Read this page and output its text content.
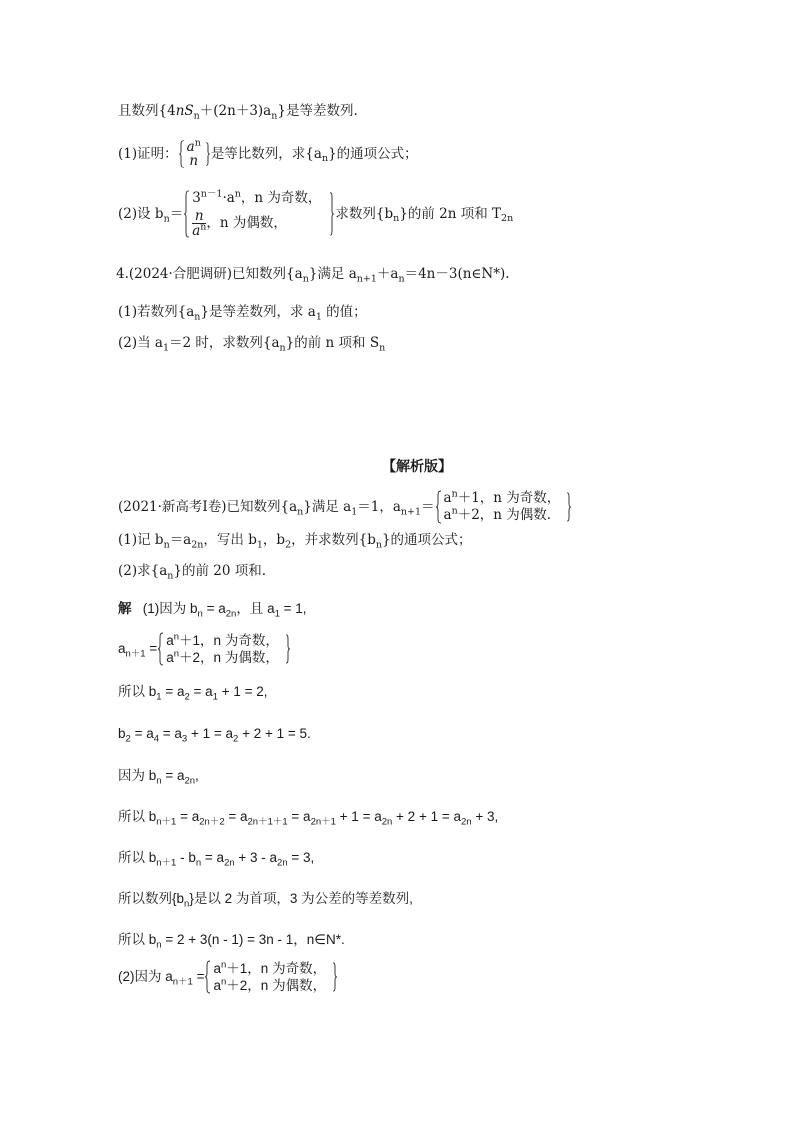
且数列$\{4nS_n+(2n+3)a_n\}$是等差数列.
(1)证明： $a^n$
n 是等比数列，求$\{a_n\}$的通项公式；
(2)设 $b_n=$
$3^{n-1}\cdot a^n$，n 为奇数，
$\frac{n}{a^n}$ ，n 为偶数，
求数列$\{b_n\}$的前 2n 项和 $T_{2n}$
4.(2024·合肥调研)已知数列$\{a_n\}$满足 $a_{n+1}+a_n=4n-3(n\in N*)$.
(1)若数列$\{a_n\}$是等差数列，求 $a_1$ 的值；
(2)当 $a_1=2$ 时，求数列$\{a_n\}$的前 n 项和 $S_n$
【解析版】
(2021·新高考Ⅰ卷)已知数列$\{a_n\}$满足 $a_1=1$，$a_{n+1}=$
$a^n+1$，n 为奇数，
$a^n+2$，n 为偶数.
(1)记 $b_n=a_{2n}$，写出 $b_1$，$b_2$，并求数列$\{b_n\}$的通项公式；
(2)求$\{a_n\}$的前 20 项和.
解 (1)因为 $b_n = a_{2n}$，且 $a_1 = 1$,
$a_{n+1}$ =
$a^n+1$，n 为奇数，
$a^n+2$，n 为偶数，
所以 $b_1 = a_2 = a_1 + 1 = 2$,
$b_2 = a_4 = a_3 + 1 = a_2 + 2 + 1 = 5$.
因为 $b_n = a_{2n}$,
所以 $b_{n+1} = a_{2n+2} = a_{2n+1+1} = a_{2n+1} + 1 = a_{2n} + 2 + 1 = a_{2n} + 3$,
所以 $b_{n+1} - b_n = a_{2n} + 3 - a_{2n} = 3$,
所以数列$\{b_n\}$是以 2 为首项，3 为公差的等差数列,
所以 $b_n = 2 + 3(n - 1) = 3n - 1$，n∈N*.
(2)因为 $a_{n+1}$ =
$a^n+1$，n 为奇数，
$a^n+2$，n 为偶数，
